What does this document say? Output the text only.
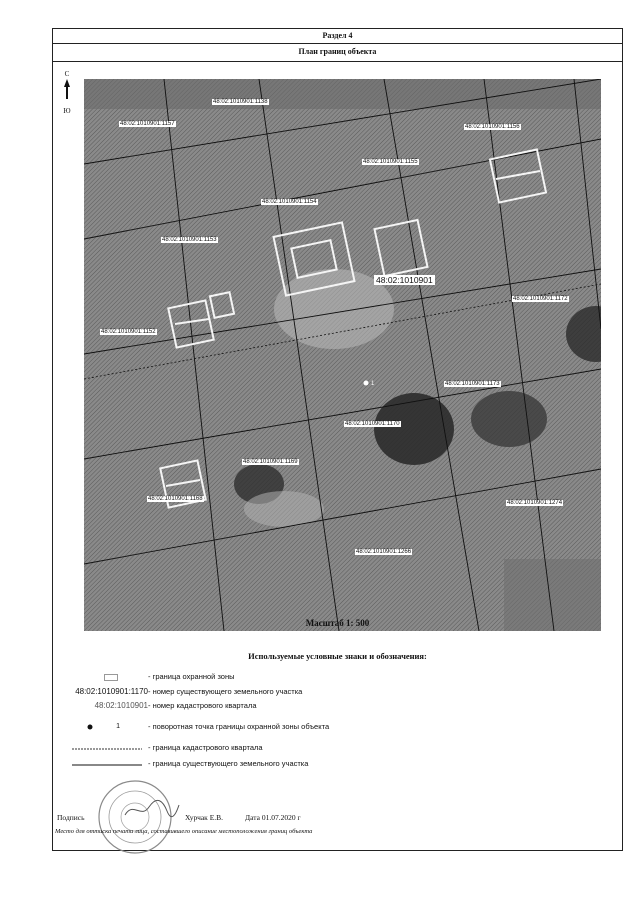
Раздел 4
План границ объекта
С
Ю
1
48:02:1010901:1138
48:02:1010901:1157
48:02:1010901:1155
48:02:1010901:1156
48:02:1010901:1154
48:02:1010901:1153
48:02:1010901
48:02:1010901:1172
48:02:1010901:1152
48:02:1010901:1173
48:02:1010901:1170
48:02:1010901:1169
48:02:1010901:1168
48:02:1010901:1274
48:02:1010901:1266
Масштаб 1: 500
Используемые условные знаки и обозначения:
- граница охранной зоны
48:02:1010901:1170 - номер существующего земельного участка
48:02:1010901 - номер кадастрового квартала
1	- поворотная точка границы охранной зоны объекта
- граница кадастрового квартала
- граница существующего земельного участка
Подпись	Хурчак Е.В.	Дата 01.07.2020 г
Место для оттиска печати лица, составившего описание местоположения границ объекта
